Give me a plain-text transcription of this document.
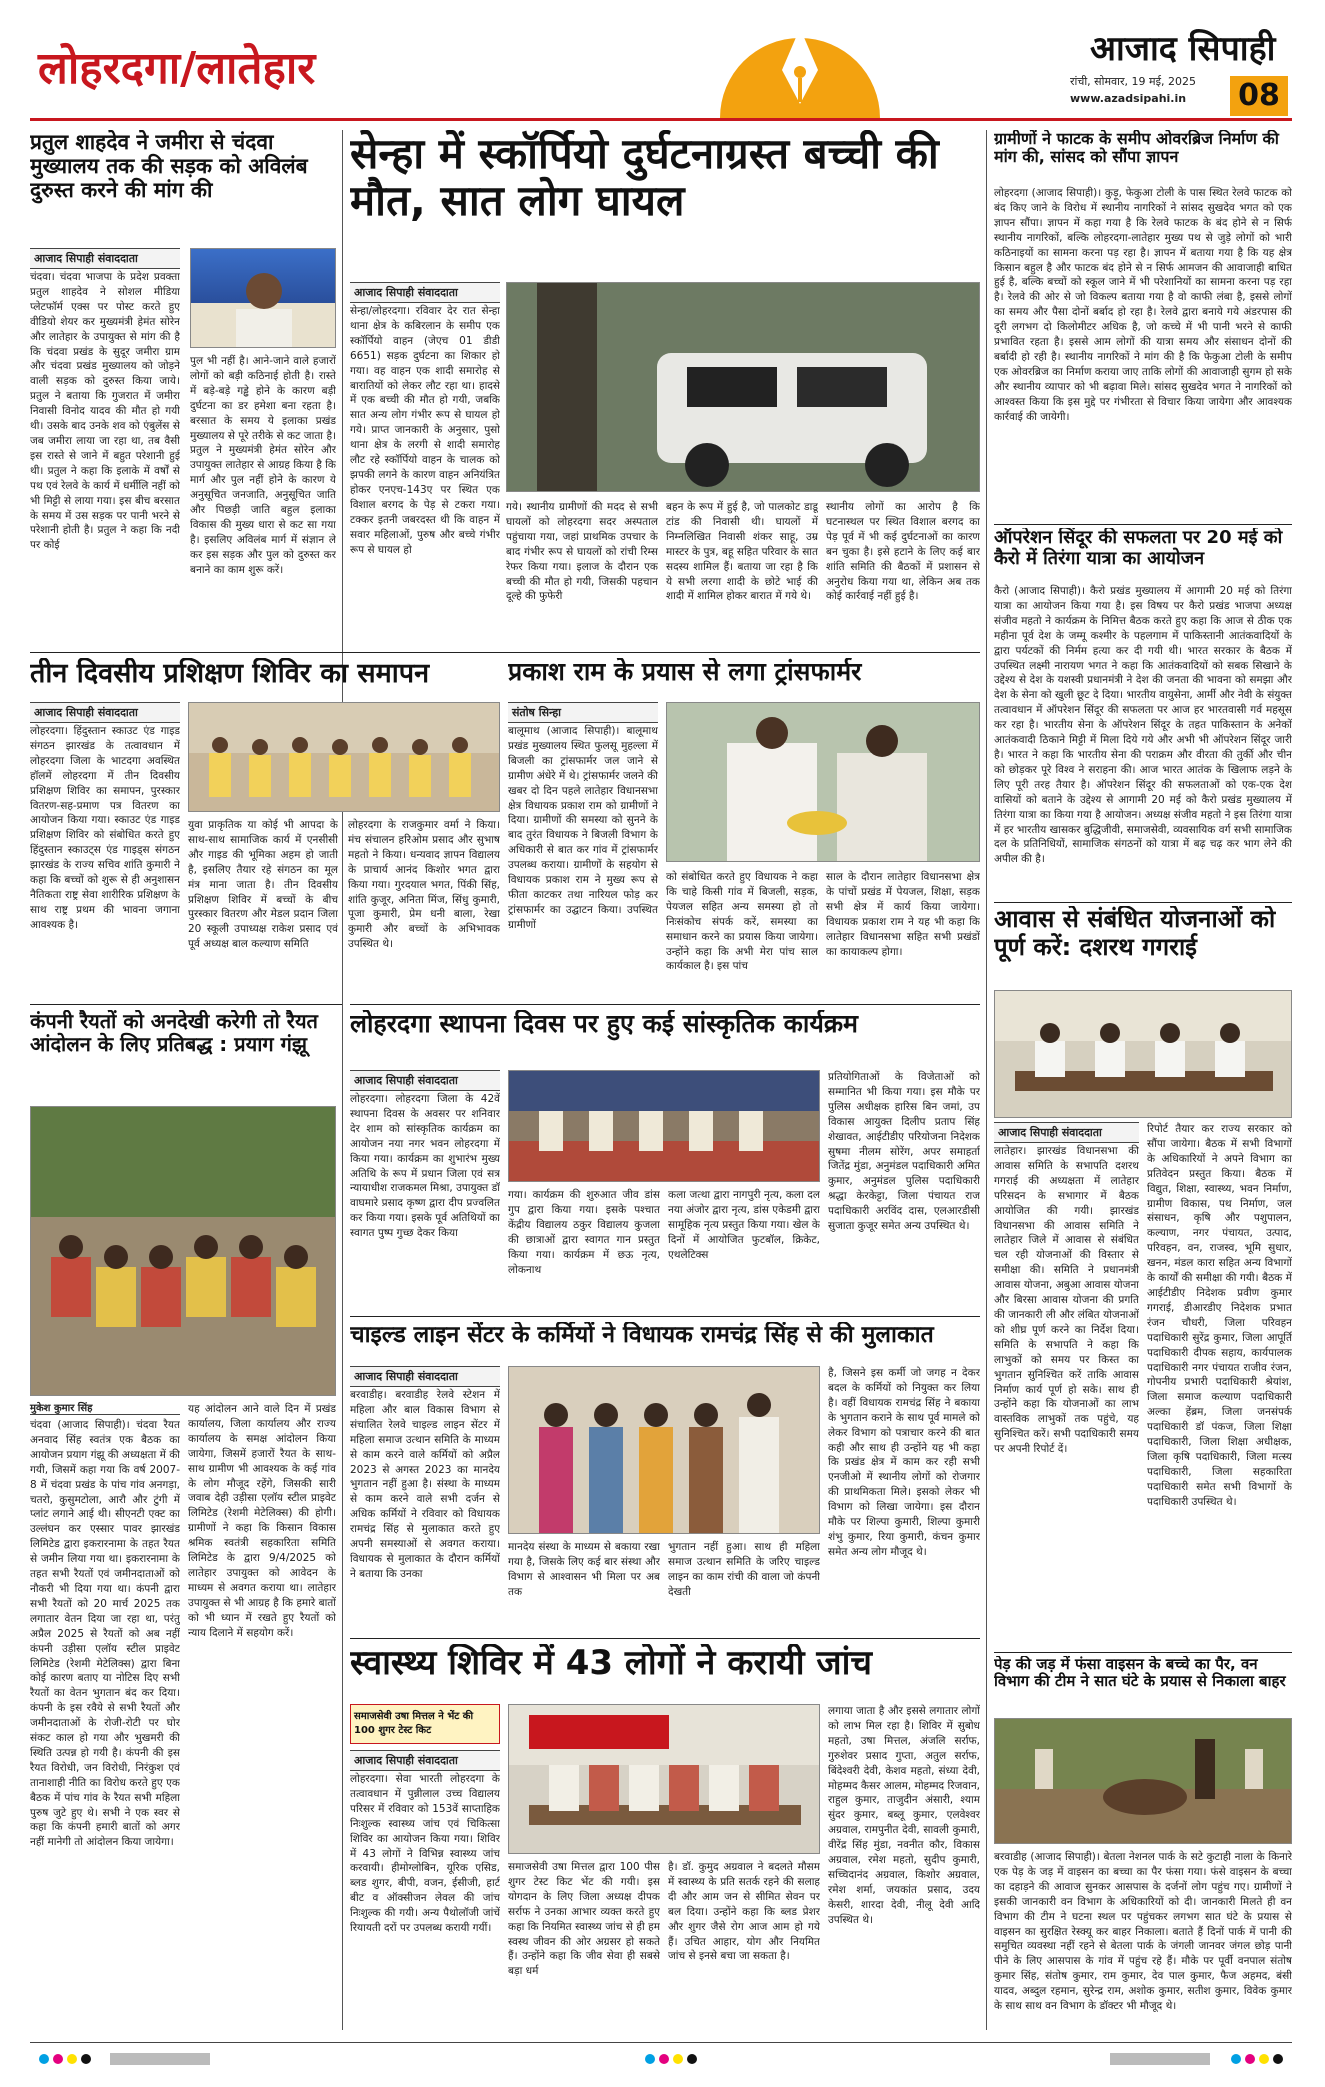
लोहरदगा/लातेहार	आजाद सिपाही
रांची, सोमवार, 19 मई, 2025
www.azadsipahi.in 08
प्रतुल शाहदेव ने जमीरा से चंदवा मुख्यालय तक की सड़क को अविलंब दुरुस्त करने की मांग की
आजाद सिपाही संवाददाता
चंदवा। चंदवा भाजपा के प्रदेश प्रवक्ता प्रतुल शाहदेव ने सोशल मीडिया प्लेटफॉर्म एक्स पर पोस्ट करते हुए वीडियो शेयर कर मुख्यमंत्री हेमंत सोरेन और लातेहार के उपायुक्त से मांग की है कि चंदवा प्रखंड के सुदूर जमीरा ग्राम और चंदवा प्रखंड मुख्यालय को जोड़ने वाली सड़क को दुरुस्त किया जाये। प्रतुल ने बताया कि गुजरात में जमीरा निवासी विनोद यादव की मौत हो गयी थी। उसके बाद उनके शव को एंबुलेंस से जब जमीरा लाया जा रहा था, तब वैसी इस रास्ते से जाने में बहुत परेशानी हुई थी। प्रतुल ने कहा कि इलाके में वर्षों से पथ एवं रेलवे के कार्य में धर्मीलि नहीं को भी मिट्टी से लाया गया। इस बीच बरसात के समय में उस सड़क पर पानी भरने से परेशानी होती है। प्रतुल ने कहा कि नदी पर कोई
पुल भी नहीं है। आने-जाने वाले हजारों लोगों को बड़ी कठिनाई होती है। रास्ते में बड़े-बड़े गड्ढे होने के कारण बड़ी दुर्घटना का डर हमेशा बना रहता है। बरसात के समय ये इलाका प्रखंड मुख्यालय से पूरे तरीके से कट जाता है। प्रतुल ने मुख्यमंत्री हेमंत सोरेन और उपायुक्त लातेहार से आग्रह किया है कि मार्ग और पुल नहीं होने के कारण ये अनुसूचित जनजाति, अनुसूचित जाति और पिछड़ी जाति बहुल इलाका विकास की मुख्य धारा से कट सा गया है। इसलिए अविलंब मार्ग में संज्ञान ले कर इस सड़क और पुल को दुरुस्त कर बनाने का काम शुरू करें।
सेन्हा में स्कॉर्पियो दुर्घटनाग्रस्त बच्ची की मौत, सात लोग घायल
आजाद सिपाही संवाददाता
सेन्हा/लोहरदगा। रविवार देर रात सेन्हा थाना क्षेत्र के कबिरलान के समीप एक स्कॉर्पियो वाहन (जेएच 01 डीडी 6651) सड़क दुर्घटना का शिकार हो गया। वह वाहन एक शादी समारोह से बारातियों को लेकर लौट रहा था। हादसे में एक बच्ची की मौत हो गयी, जबकि सात अन्य लोग गंभीर रूप से घायल हो गये। प्राप्त जानकारी के अनुसार, पुसो थाना क्षेत्र के लरगी से शादी समारोह लौट रहे स्कॉर्पियो वाहन के चालक को झपकी लगने के कारण वाहन अनियंत्रित होकर एनएच-143ए पर स्थित एक विशाल बरगद के पेड़ से टकरा गया। टक्कर इतनी जबरदस्त थी कि वाहन में सवार महिलाओं, पुरुष और बच्चे गंभीर रूप से घायल हो
गये। स्थानीय ग्रामीणों की मदद से सभी घायलों को लोहरदगा सदर अस्पताल पहुंचाया गया, जहां प्राथमिक उपचार के बाद गंभीर रूप से घायलों को रांची रिम्स रेफर किया गया। इलाज के दौरान एक बच्ची की मौत हो गयी, जिसकी पहचान दूल्हे की फुफेरी
बहन के रूप में हुई है, जो पालकोट डाडू टांड की निवासी थी। घायलों में निम्नलिखित निवासी शंकर साहू, उम्र मास्टर के पुत्र, बहू सहित परिवार के सात सदस्य शामिल हैं। बताया जा रहा है कि ये सभी लरगा शादी के छोटे भाई की शादी में शामिल होकर बारात में गये थे।
स्थानीय लोगों का आरोप है कि घटनास्थल पर स्थित विशाल बरगद का पेड़ पूर्व में भी कई दुर्घटनाओं का कारण बन चुका है। इसे हटाने के लिए कई बार शांति समिति की बैठकों में प्रशासन से अनुरोध किया गया था, लेकिन अब तक कोई कार्रवाई नहीं हुई है।
ग्रामीणों ने फाटक के समीप ओवरब्रिज निर्माण की मांग की, सांसद को सौंपा ज्ञापन
लोहरदगा (आजाद सिपाही)। कुड़ू, फेकुआ टोली के पास स्थित रेलवे फाटक को बंद किए जाने के विरोध में स्थानीय नागरिकों ने सांसद सुखदेव भगत को एक ज्ञापन सौंपा। ज्ञापन में कहा गया है कि रेलवे फाटक के बंद होने से न सिर्फ स्थानीय नागरिकों, बल्कि लोहरदगा-लातेहार मुख्य पथ से जुड़े लोगों को भारी कठिनाइयों का सामना करना पड़ रहा है। ज्ञापन में बताया गया है कि यह क्षेत्र किसान बहुल है और फाटक बंद होने से न सिर्फ आमजन की आवाजाही बाधित हुई है, बल्कि बच्चों को स्कूल जाने में भी परेशानियों का सामना करना पड़ रहा है। रेलवे की ओर से जो विकल्प बताया गया है वो काफी लंबा है, इससे लोगों का समय और पैसा दोनों बर्बाद हो रहा है। रेलवे द्वारा बनाये गये अंडरपास की दूरी लगभग दो किलोमीटर अधिक है, जो कच्चे में भी पानी भरने से काफी प्रभावित रहता है। इससे आम लोगों की यात्रा समय और संसाधन दोनों की बर्बादी हो रही है। स्थानीय नागरिकों ने मांग की है कि फेकुआ टोली के समीप एक ओवरब्रिज का निर्माण कराया जाए ताकि लोगों की आवाजाही सुगम हो सके और स्थानीय व्यापार को भी बढ़ावा मिले। सांसद सुखदेव भगत ने नागरिकों को आश्वस्त किया कि इस मुद्दे पर गंभीरता से विचार किया जायेगा और आवश्यक कार्रवाई की जायेगी।
ऑपरेशन सिंदूर की सफलता पर 20 मई को कैरो में तिरंगा यात्रा का आयोजन
कैरो (आजाद सिपाही)। कैरो प्रखंड मुख्यालय में आगामी 20 मई को तिरंगा यात्रा का आयोजन किया गया है। इस विषय पर कैरो प्रखंड भाजपा अध्यक्ष संजीव महतो ने कार्यक्रम के निमित्त बैठक करते हुए कहा कि आज से ठीक एक महीना पूर्व देश के जम्मू कश्मीर के पहलगाम में पाकिस्तानी आतंकवादियों के द्वारा पर्यटकों की निर्मम हत्या कर दी गयी थी। भारत सरकार के बैठक में उपस्थित लक्ष्मी नारायण भगत ने कहा कि आतंकवादियों को सबक सिखाने के उद्देश्य से देश के यशस्वी प्रधानमंत्री ने देश की जनता की भावना को समझा और देश के सेना को खुली छूट दे दिया। भारतीय वायुसेना, आर्मी और नेवी के संयुक्त तत्वावधान में ऑपरेशन सिंदूर की सफलता पर आज हर भारतवासी गर्व महसूस कर रहा है। भारतीय सेना के ऑपरेशन सिंदूर के तहत पाकिस्तान के अनेकों आतंकवादी ठिकाने मिट्टी में मिला दिये गये और अभी भी ऑपरेशन सिंदूर जारी है। भारत ने कहा कि भारतीय सेना की पराक्रम और वीरता की तुर्की और चीन को छोड़कर पूरे विश्व ने सराहना की। आज भारत आतंक के खिलाफ लड़ने के लिए पूरी तरह तैयार है। ऑपरेशन सिंदूर की सफलताओं को एक-एक देश वासियों को बताने के उद्देश्य से आगामी 20 मई को कैरो प्रखंड मुख्यालय में तिरंगा यात्रा का किया गया है आयोजन। अध्यक्ष संजीव महतो ने इस तिरंगा यात्रा में हर भारतीय खासकर बुद्धिजीवी, समाजसेवी, व्यवसायिक वर्ग सभी सामाजिक दल के प्रतिनिधियों, सामाजिक संगठनों को यात्रा में बढ़ चढ़ कर भाग लेने की अपील की है।
तीन दिवसीय प्रशिक्षण शिविर का समापन
आजाद सिपाही संवाददाता
लोहरदगा। हिंदुस्तान स्काउट एंड गाइड संगठन झारखंड के तत्वावधान में लोहरदगा जिला के भाटदगा अवस्थित हॉलमें लोहरदगा में तीन दिवसीय प्रशिक्षण शिविर का समापन, पुरस्कार वितरण-सह-प्रमाण पत्र वितरण का आयोजन किया गया। स्काउट एंड गाइड प्रशिक्षण शिविर को संबोधित करते हुए हिंदुस्तान स्काउट्स एंड गाइड्स संगठन झारखंड के राज्य सचिव शांति कुमारी ने कहा कि बच्चों को शुरू से ही अनुशासन नैतिकता राष्ट्र सेवा शारीरिक प्रशिक्षण के साथ राष्ट्र प्रथम की भावना जगाना आवश्यक है।
युवा प्राकृतिक या कोई भी आपदा के साथ-साथ सामाजिक कार्य में एनसीसी और गाइड की भूमिका अहम हो जाती है, इसलिए तैयार रहे संगठन का मूल मंत्र माना जाता है। तीन दिवसीय प्रशिक्षण शिविर में बच्चों के बीच पुरस्कार वितरण और मेडल प्रदान जिला 20 स्कूली उपाध्यक्ष राकेश प्रसाद एवं पूर्व अध्यक्ष बाल कल्याण समिति
लोहरदगा के राजकुमार वर्मा ने किया। मंच संचालन हरिओम प्रसाद और सुभाष महतो ने किया। धन्यवाद ज्ञापन विद्यालय के प्राचार्य आनंद किशोर भगत द्वारा किया गया। गुरदयाल भगत, पिंकी सिंह, शांति कुजूर, अनिता मिंज, सिंधु कुमारी, पूजा कुमारी, प्रेम धनी बाला, रेखा कुमारी और बच्चों के अभिभावक उपस्थित थे।
प्रकाश राम के प्रयास से लगा ट्रांसफार्मर
संतोष सिन्हा
बालूमाथ (आजाद सिपाही)। बालूमाथ प्रखंड मुख्यालय स्थित फुलसू मुहल्ला में बिजली का ट्रांसफार्मर जल जाने से ग्रामीण अंधेरे में थे। ट्रांसफार्मर जलने की खबर दो दिन पहले लातेहार विधानसभा क्षेत्र विधायक प्रकाश राम को ग्रामीणों ने दिया। ग्रामीणों की समस्या को सुनने के बाद तुरंत विधायक ने बिजली विभाग के अधिकारी से बात कर गांव में ट्रांसफार्मर उपलब्ध कराया। ग्रामीणों के सहयोग से विधायक प्रकाश राम ने मुख्य रूप से फीता काटकर तथा नारियल फोड़ कर ट्रांसफार्मर का उद्घाटन किया। उपस्थित ग्रामीणों
को संबोधित करते हुए विधायक ने कहा कि चाहे किसी गांव में बिजली, सड़क, पेयजल सहित अन्य समस्या हो तो निःसंकोच संपर्क करें, समस्या का समाधान करने का प्रयास किया जायेगा। उन्होंने कहा कि अभी मेरा पांच साल कार्यकाल है। इस पांच
साल के दौरान लातेहार विधानसभा क्षेत्र के पांचों प्रखंड में पेयजल, शिक्षा, सड़क सभी क्षेत्र में कार्य किया जायेगा। विधायक प्रकाश राम ने यह भी कहा कि लातेहार विधानसभा सहित सभी प्रखंडों का कायाकल्प होगा।
कंपनी रैयतों को अनदेखी करेगी तो रैयत आंदोलन के लिए प्रतिबद्ध : प्रयाग गंझू
मुकेश कुमार सिंह
चंदवा (आजाद सिपाही)। चंदवा रैयत अनवाद सिंह स्वतंत्र एक बैठक का आयोजन प्रयाग गंझू की अध्यक्षता में की गयी, जिसमें कहा गया कि वर्ष 2007-8 में चंदवा प्रखंड के पांच गांव अनगड़ा, चतरो, कुसुमटोला, आरौ और टुंगी में प्लांट लगाने आई थी। सीएनटी एक्ट का उल्लंघन कर एस्सार पावर झारखंड लिमिटेड द्वारा इकरारनामा के तहत रैयत से जमीन लिया गया था। इकरारनामा के तहत सभी रैयतों एवं जमीनदाताओं को नौकरी भी दिया गया था। कंपनी द्वारा सभी रैयतों को 20 मार्च 2025 तक लगातार वेतन दिया जा रहा था, परंतु अप्रैल 2025 से रैयतों को अब नहीं कंपनी उड़ीसा एलॉय स्टील प्राइवेट लिमिटेड (रेशमी मेटेलिक्स) द्वारा बिना कोई कारण बताए या नोटिस दिए सभी रैयतों का वेतन भुगतान बंद कर दिया। कंपनी के इस रवैये से सभी रैयतों और जमीनदाताओं के रोजी-रोटी पर घोर संकट काल हो गया और भुखमरी की स्थिति उत्पन्न हो गयी है। कंपनी की इस रैयत विरोधी, जन विरोधी, निरंकुश एवं तानाशाही नीति का विरोध करते हुए एक बैठक में पांच गांव के रैयत सभी महिला पुरुष जुटे हुए थे। सभी ने एक स्वर से कहा कि कंपनी हमारी बातों को अगर नहीं मानेगी तो आंदोलन किया जायेगा।
यह आंदोलन आने वाले दिन में प्रखंड कार्यालय, जिला कार्यालय और राज्य कार्यालय के समक्ष आंदोलन किया जायेगा, जिसमें हजारों रैयत के साथ-साथ ग्रामीण भी आवश्यक के कई गांव के लोग मौजूद रहेंगे, जिसकी सारी जवाब देही उड़ीसा एलॉय स्टील प्राइवेट लिमिटेड (रेशमी मेटेलिक्स) की होगी। ग्रामीणों ने कहा कि किसान विकास श्रमिक स्वतंत्री सहकारिता समिति लिमिटेड के द्वारा 9/4/2025 को लातेहार उपायुक्त को आवेदन के माध्यम से अवगत कराया था। लातेहार उपायुक्त से भी आग्रह है कि हमारे बातों को भी ध्यान में रखते हुए रैयतों को न्याय दिलाने में सहयोग करें।
लोहरदगा स्थापना दिवस पर हुए कई सांस्कृतिक कार्यक्रम
आजाद सिपाही संवाददाता
लोहरदगा। लोहरदगा जिला के 42वें स्थापना दिवस के अवसर पर शनिवार देर शाम को सांस्कृतिक कार्यक्रम का आयोजन नया नगर भवन लोहरदगा में किया गया। कार्यक्रम का शुभारंभ मुख्य अतिथि के रूप में प्रधान जिला एवं सत्र न्यायाधीश राजकमल मिश्रा, उपायुक्त डॉ वाघमारे प्रसाद कृष्ण द्वारा दीप प्रज्वलित कर किया गया। इसके पूर्व अतिथियों का स्वागत पुष्प गुच्छ देकर किया
गया। कार्यक्रम की शुरुआत जीव डांस गुप द्वारा किया गया। इसके पश्चात केंद्रीय विद्यालय ठकुर विद्यालय कुजला की छात्राओं द्वारा स्वागत गान प्रस्तुत किया गया। कार्यक्रम में छऊ नृत्य, लोकनाथ
कला जत्था द्वारा नागपुरी नृत्य, कला दल नया अंजोर द्वारा नृत्य, डांस एकेडमी द्वारा सामूहिक नृत्य प्रस्तुत किया गया। खेल के दिनों में आयोजित फुटबॉल, क्रिकेट, एथलेटिक्स
प्रतियोगिताओं के विजेताओं को सम्मानित भी किया गया। इस मौके पर पुलिस अधीक्षक हारिस बिन जमां, उप विकास आयुक्त दिलीप प्रताप सिंह शेखावत, आईटीडीए परियोजना निदेशक सुषमा नीलम सोरेंग, अपर समाहर्ता जितेंद्र मुंडा, अनुमंडल पदाधिकारी अमित कुमार, अनुमंडल पुलिस पदाधिकारी श्रद्धा केरकेट्टा, जिला पंचायत राज पदाधिकारी अरविंद दास, एलआरडीसी सुजाता कुजूर समेत अन्य उपस्थित थे।
आवास से संबंधित योजनाओं को पूर्ण करें: दशरथ गगराई
आजाद सिपाही संवाददाता
लातेहार। झारखंड विधानसभा की आवास समिति के सभापति दशरथ गगराई की अध्यक्षता में लातेहार परिसदन के सभागार में बैठक आयोजित की गयी। झारखंड विधानसभा की आवास समिति ने लातेहार जिले में आवास से संबंधित चल रही योजनाओं की विस्तार से समीक्षा की। समिति ने प्रधानमंत्री आवास योजना, अबुआ आवास योजना और बिरसा आवास योजना की प्रगति की जानकारी ली और लंबित योजनाओं को शीघ्र पूर्ण करने का निर्देश दिया। समिति के सभापति ने कहा कि लाभुकों को समय पर किस्त का भुगतान सुनिश्चित करें ताकि आवास निर्माण कार्य पूर्ण हो सके। साथ ही उन्होंने कहा कि योजनाओं का लाभ वास्तविक लाभुकों तक पहुंचे, यह सुनिश्चित करें। सभी पदाधिकारी समय पर अपनी रिपोर्ट दें।
रिपोर्ट तैयार कर राज्य सरकार को सौंपा जायेगा। बैठक में सभी विभागों के अधिकारियों ने अपने विभाग का प्रतिवेदन प्रस्तुत किया। बैठक में विद्युत, शिक्षा, स्वास्थ्य, भवन निर्माण, ग्रामीण विकास, पथ निर्माण, जल संसाधन, कृषि और पशुपालन, कल्याण, नगर पंचायत, उत्पाद, परिवहन, वन, राजस्व, भूमि सुधार, खनन, मंडल कारा सहित अन्य विभागों के कार्यों की समीक्षा की गयी। बैठक में आईटीडीए निदेशक प्रवीण कुमार गगराई, डीआरडीए निदेशक प्रभात रंजन चौधरी, जिला परिवहन पदाधिकारी सुरेंद्र कुमार, जिला आपूर्ति पदाधिकारी दीपक सहाय, कार्यपालक पदाधिकारी नगर पंचायत राजीव रंजन, गोपनीय प्रभारी पदाधिकारी श्रेयांश, जिला समाज कल्याण पदाधिकारी अल्का हेंब्रम, जिला जनसंपर्क पदाधिकारी डॉ पंकज, जिला शिक्षा पदाधिकारी, जिला शिक्षा अधीक्षक, जिला कृषि पदाधिकारी, जिला मत्स्य पदाधिकारी, जिला सहकारिता पदाधिकारी समेत सभी विभागों के पदाधिकारी उपस्थित थे।
चाइल्ड लाइन सेंटर के कर्मियों ने विधायक रामचंद्र सिंह से की मुलाकात
आजाद सिपाही संवाददाता
बरवाडीह। बरवाडीह रेलवे स्टेशन में महिला और बाल विकास विभाग से संचालित रेलवे चाइल्ड लाइन सेंटर में महिला समाज उत्थान समिति के माध्यम से काम करने वाले कर्मियों को अप्रैल 2023 से अगस्त 2023 का मानदेय भुगतान नहीं हुआ है। संस्था के माध्यम से काम करने वाले सभी दर्जन से अधिक कर्मियों ने रविवार को विधायक रामचंद्र सिंह से मुलाकात करते हुए अपनी समस्याओं से अवगत कराया। विधायक से मुलाकात के दौरान कर्मियों ने बताया कि उनका
मानदेय संस्था के माध्यम से बकाया रखा गया है, जिसके लिए कई बार संस्था और विभाग से आश्वासन भी मिला पर अब तक
भुगतान नहीं हुआ। साथ ही महिला समाज उत्थान समिति के जरिए चाइल्ड लाइन का काम रांची की वाला जो कंपनी देखती
है, जिसने इस कर्मी जो जगह न देकर बदल के कर्मियों को नियुक्त कर लिया है। वहीं विधायक रामचंद्र सिंह ने बकाया के भुगतान कराने के साथ पूर्व मामले को लेकर विभाग को पत्राचार करने की बात कही और साथ ही उन्होंने यह भी कहा कि प्रखंड क्षेत्र में काम कर रही सभी एनजीओ में स्थानीय लोगों को रोजगार की प्राथमिकता मिले। इसको लेकर भी विभाग को लिखा जायेगा। इस दौरान मौके पर शिल्पा कुमारी, शिल्पा कुमारी शंभु कुमार, रिया कुमारी, कंचन कुमार समेत अन्य लोग मौजूद थे।
स्वास्थ्य शिविर में 43 लोगों ने करायी जांच
समाजसेवी उषा मित्तल ने भेंट की 100 शुगर टेस्ट किट
आजाद सिपाही संवाददाता
लोहरदगा। सेवा भारती लोहरदगा के तत्वावधान में पुन्नीलाल उच्च विद्यालय परिसर में रविवार को 153वें साप्ताहिक निःशुल्क स्वास्थ्य जांच एवं चिकित्सा शिविर का आयोजन किया गया। शिविर में 43 लोगों ने विभिन्न स्वास्थ्य जांच करवायी। हीमोग्लोबिन, यूरिक एसिड, ब्लड शुगर, बीपी, वजन, ईसीजी, हार्ट बीट व ऑक्सीजन लेवल की जांच निःशुल्क की गयी। अन्य पैथोलॉजी जांचें रियायती दरों पर उपलब्ध करायी गयीं।
समाजसेवी उषा मित्तल द्वारा 100 पीस शुगर टेस्ट किट भेंट की गयी। इस योगदान के लिए जिला अध्यक्ष दीपक सर्राफ ने उनका आभार व्यक्त करते हुए कहा कि नियमित स्वास्थ्य जांच से ही हम स्वस्थ जीवन की ओर अग्रसर हो सकते हैं। उन्होंने कहा कि जीव सेवा ही सबसे बड़ा धर्म
है। डॉ. कुमुद अग्रवाल ने बदलते मौसम में स्वास्थ्य के प्रति सतर्क रहने की सलाह दी और आम जन से सीमित सेवन पर बल दिया। उन्होंने कहा कि ब्लड प्रेशर और शुगर जैसे रोग आज आम हो गये हैं। उचित आहार, योग और नियमित जांच से इनसे बचा जा सकता है।
लगाया जाता है और इससे लगातार लोगों को लाभ मिल रहा है। शिविर में सुबोध महतो, उषा मित्तल, अंजलि सर्राफ, गुरुशेवर प्रसाद गुप्ता, अतुल सर्राफ, बिंदेश्वरी देवी, केशव महतो, संध्या देवी, मोहम्मद कैसर आलम, मोहम्मद रिजवान, राहुल कुमार, ताजुदीन अंसारी, श्याम सुंदर कुमार, बब्लू कुमार, एलवेश्वर अग्रवाल, रामपुनीत देवी, सावली कुमारी, वीरेंद्र सिंह मुंडा, नवनीत कौर, विकास अग्रवाल, रमेश महतो, सुदीप कुमारी, सच्चिदानंद अग्रवाल, किशोर अग्रवाल, रमेश शर्मा, जयकांत प्रसाद, उदय केसरी, शारदा देवी, नीलू देवी आदि उपस्थित थे।
पेड़ की जड़ में फंसा वाइसन के बच्चे का पैर, वन विभाग की टीम ने सात घंटे के प्रयास से निकाला बाहर
बरवाडीह (आजाद सिपाही)। बेतला नेशनल पार्क के सटे कुटाही नाला के किनारे एक पेड़ के जड़ में वाइसन का बच्चा का पैर फंसा गया। फंसे वाइसन के बच्चा का दहाड़ने की आवाज सुनकर आसपास के दर्जनों लोग पहुंच गए। ग्रामीणों ने इसकी जानकारी वन विभाग के अधिकारियों को दी। जानकारी मिलते ही वन विभाग की टीम ने घटना स्थल पर पहुंचकर लगभग सात घंटे के प्रयास से वाइसन का सुरक्षित रेस्क्यू कर बाहर निकाला। बताते हैं दिनों पार्क में पानी की समुचित व्यवस्था नहीं रहने से बेतला पार्क के जंगली जानवर जंगल छोड़ पानी पीने के लिए आसपास के गांव में पहुंच रहे हैं। मौके पर पूर्वी वनपाल संतोष कुमार सिंह, संतोष कुमार, राम कुमार, देव पाल कुमार, फैज अहमद, बंसी यादव, अब्दुल रहमान, सुरेन्द्र राम, अशोक कुमार, सतीश कुमार, विवेक कुमार के साथ साथ वन विभाग के डॉक्टर भी मौजूद थे।
